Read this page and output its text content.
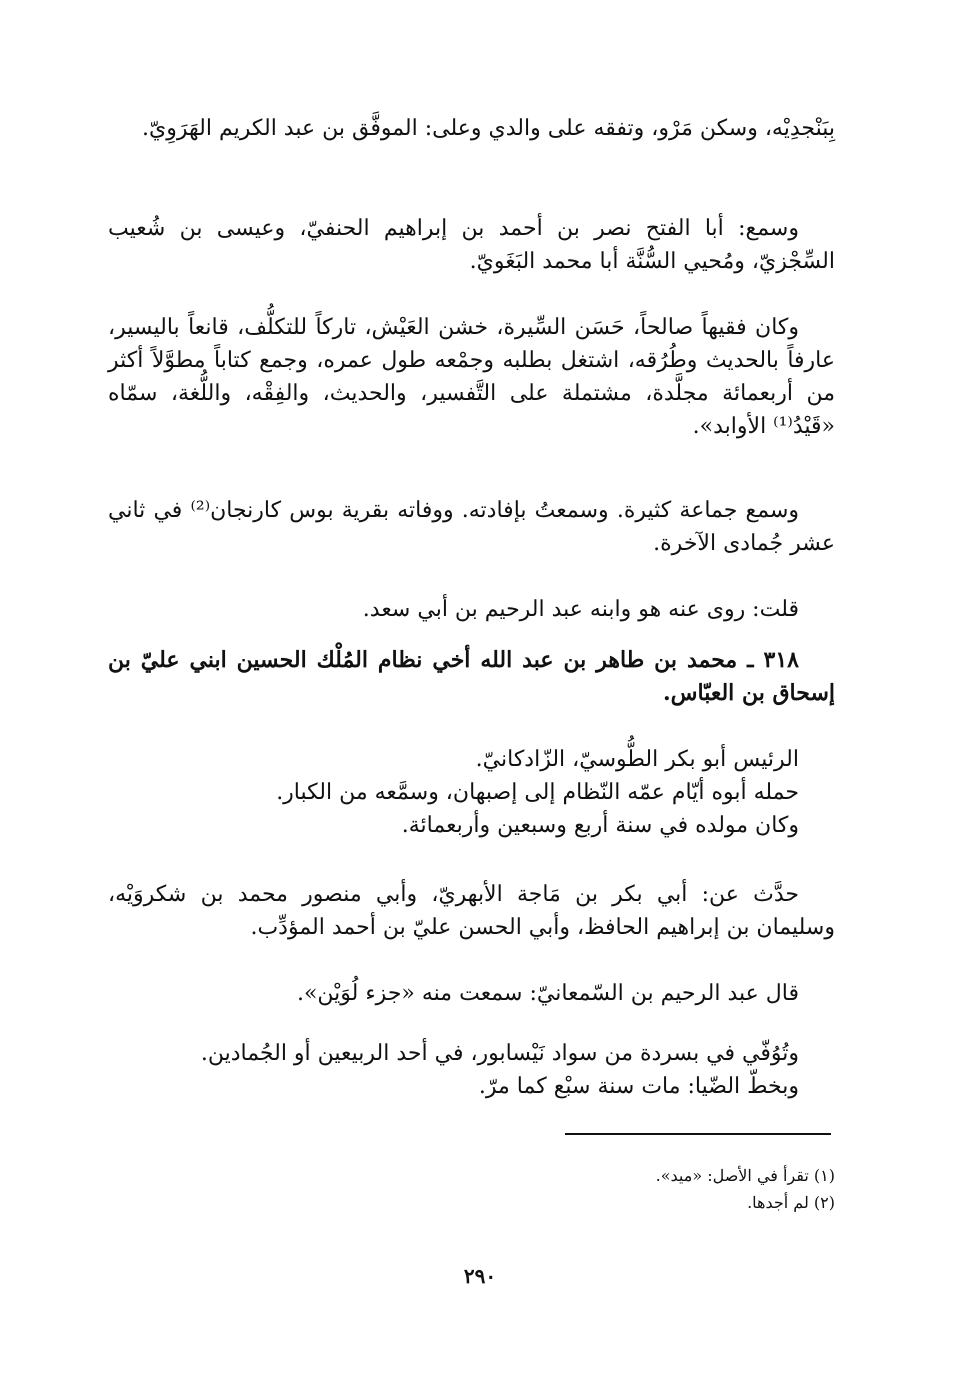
بِبَنْجدِيْه، وسكن مَرْو، وتفقه على والدي وعلى: الموفَّق بن عبد الكريم الهَرَوِيّ.

وسمع: أبا الفتح نصر بن أحمد بن إبراهيم الحنفيّ، وعيسى بن شُعيب السِّجْزيّ، ومُحيي السُّنَّة أبا محمد البَغَويّ.

وكان فقيهاً صالحاً، حَسَن السِّيرة، خشن العَيْش، تاركاً للتكلُّف، قانعاً باليسير، عارفاً بالحديث وطُرُقه، اشتغل بطلبه وجمْعه طول عمره، وجمع كتاباً مطوَّلاً أكثر من أربعمائة مجلَّدة، مشتملة على التَّفسير، والحديث، والفِقْه، واللُّغة، سمّاه «قَيْدُ⁽¹⁾ الأوابد».

وسمع جماعة كثيرة. وسمعتُ بإفادته. ووفاته بقرية بوس كارنجان⁽²⁾ في ثاني عشر جُمادى الآخرة.

قلت: روى عنه هو وابنه عبد الرحيم بن أبي سعد.

٣١٨ ـ محمد بن طاهر بن عبد الله أخي نظام المُلْك الحسين ابني عليّ بن إسحاق بن العبّاس.

الرئيس أبو بكر الطُّوسيّ، الزّادكانيّ.

حمله أبوه أيّام عمّه النّظام إلى إصبهان، وسمَّعه من الكبار.

وكان مولده في سنة أربع وسبعين وأربعمائة.

حدَّث عن: أبي بكر بن مَاجة الأبهريّ، وأبي منصور محمد بن شكروَيْه، وسليمان بن إبراهيم الحافظ، وأبي الحسن عليّ بن أحمد المؤدِّب.

قال عبد الرحيم بن السّمعانيّ: سمعت منه «جزء لُوَيْن».

وتُوُفّي في بسردة من سواد نَيْسابور، في أحد الربيعين أو الجُمادين.

وبخطّ الضّيا: مات سنة سبْع كما مرّ.

(١) تقرأ في الأصل: «ميد».
(٢) لم أجدها.
٢٩٠
